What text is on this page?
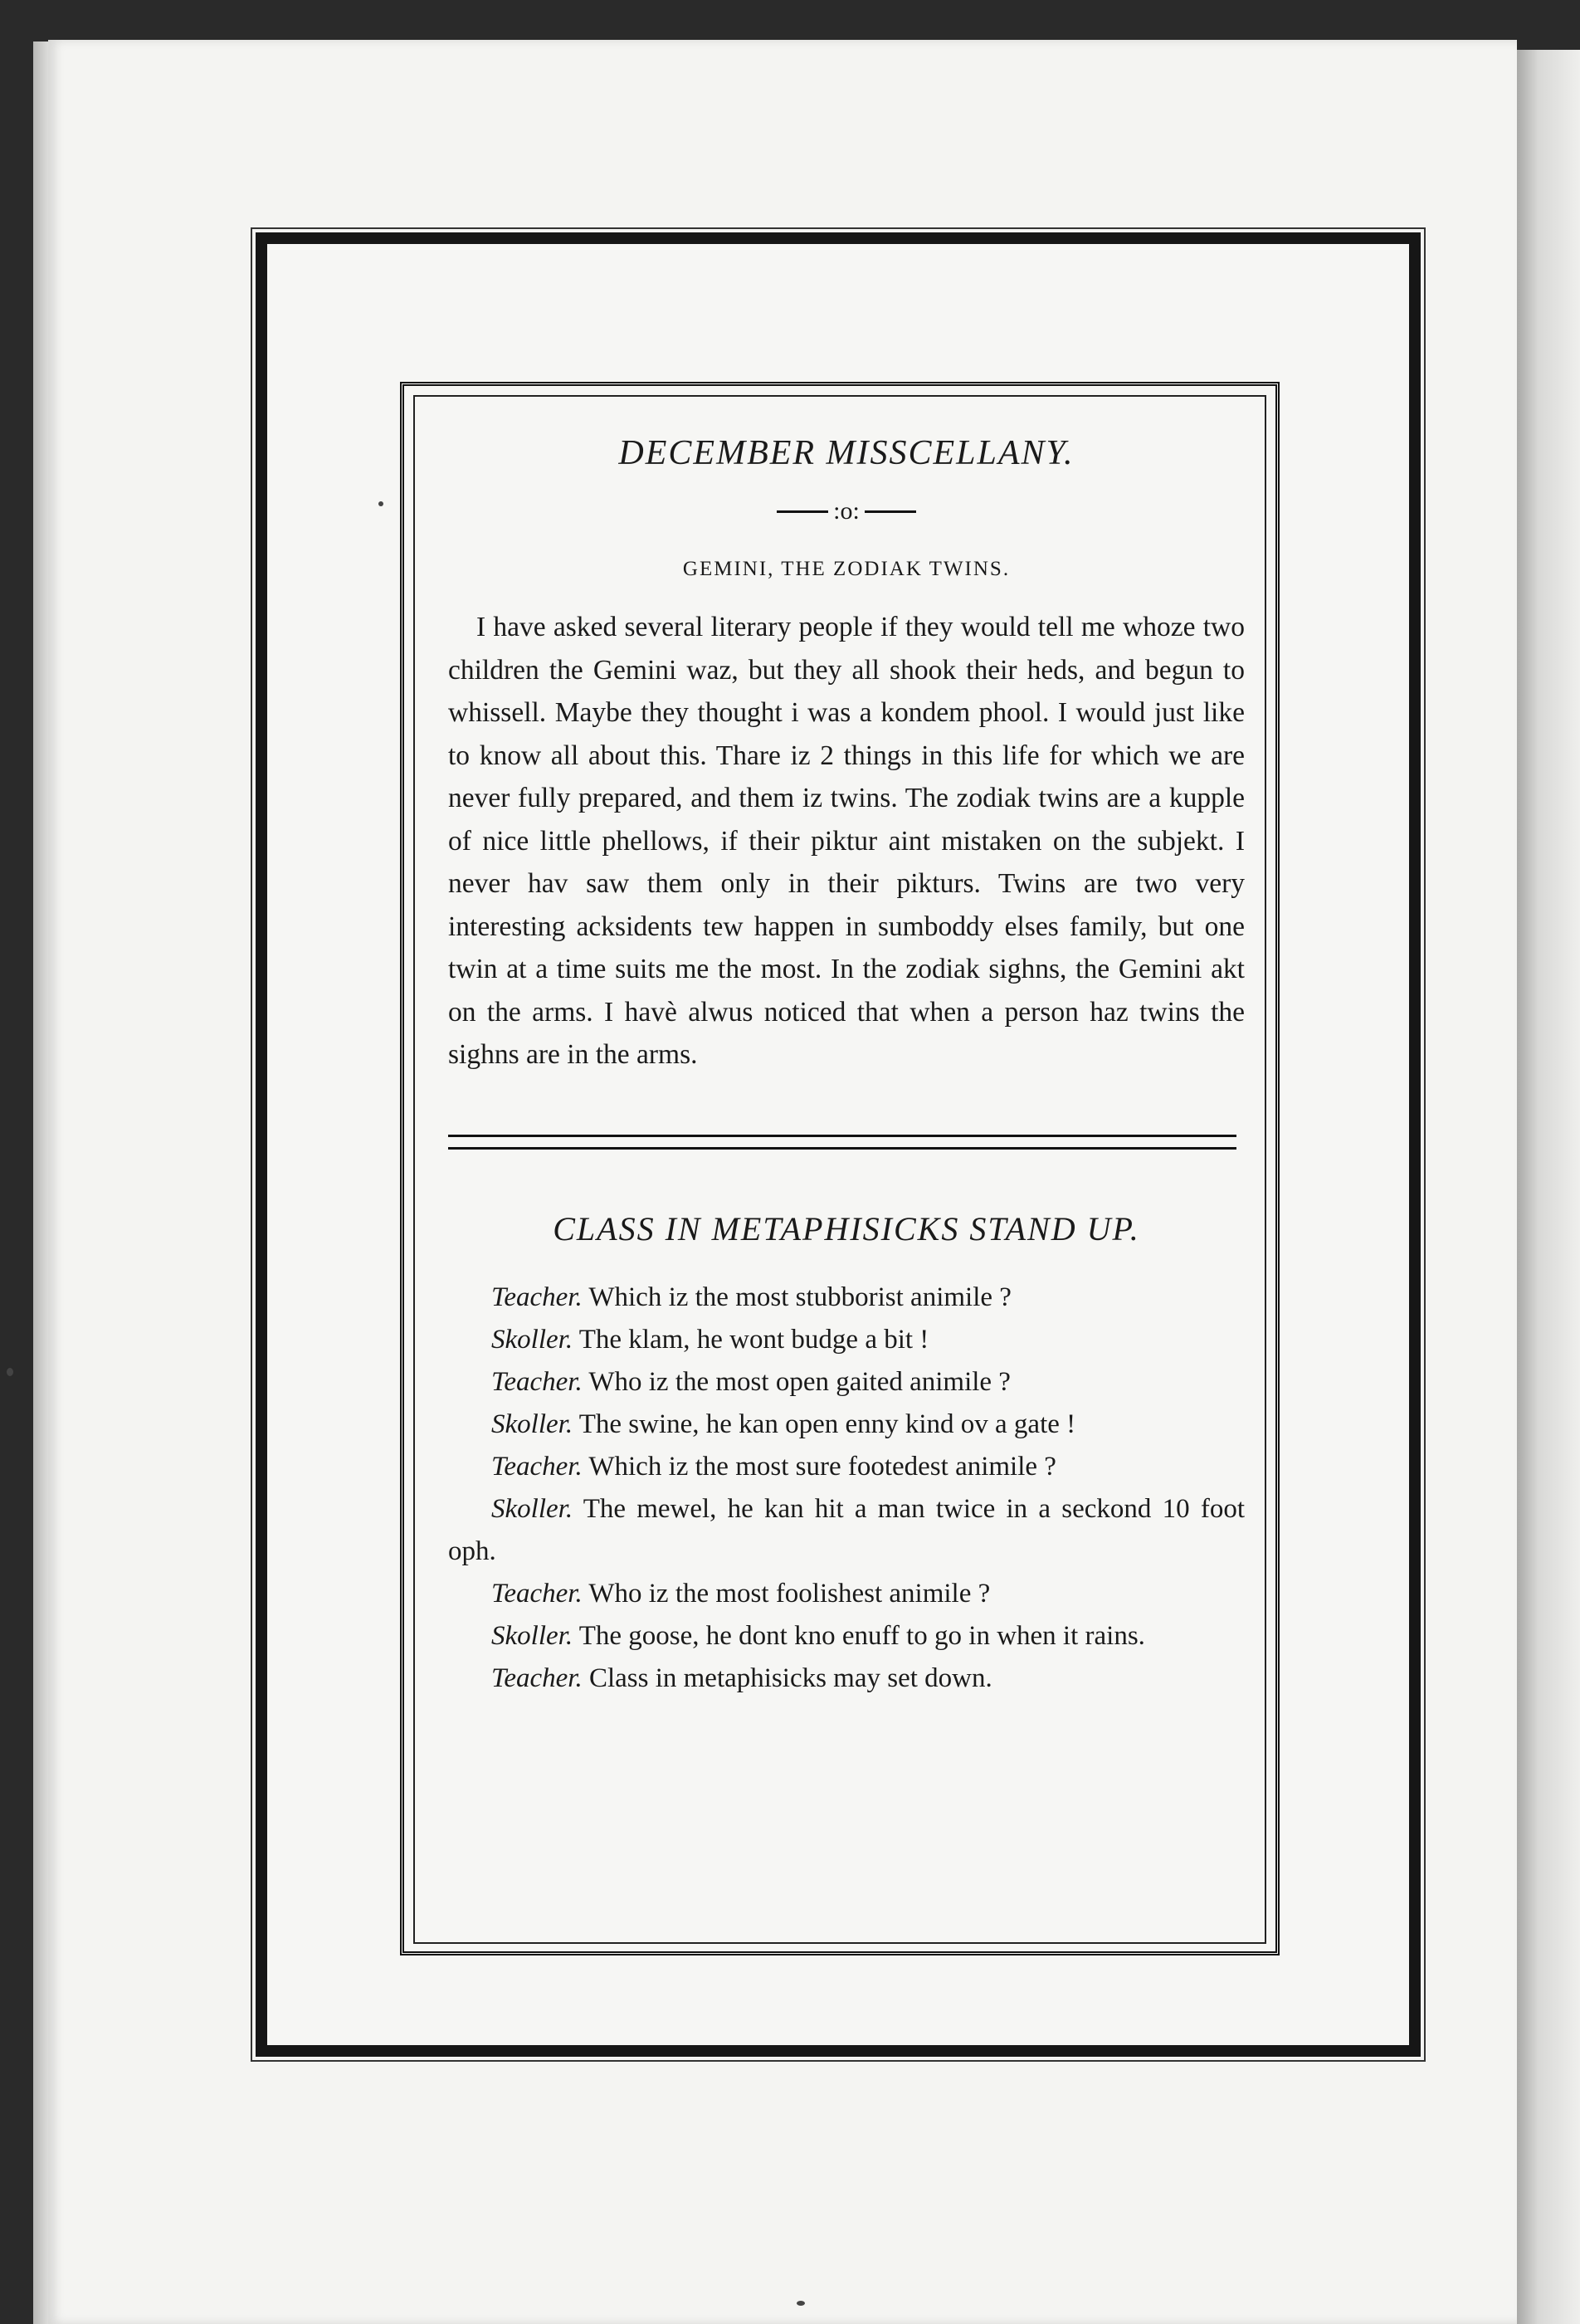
DECEMBER MISSCELLANY.
:o:
GEMINI, THE ZODIAK TWINS.

I have asked several literary people if they would tell me whoze two children the Gemini waz, but they all shook their heds, and begun to whissell. Maybe they thought i was a kondem phool. I would just like to know all about this. Thare iz 2 things in this life for which we are never fully prepared, and them iz twins. The zodiak twins are a kupple of nice little phellows, if their piktur aint mistaken on the subjekt. I never hav saw them only in their pikturs. Twins are two very interesting acksidents tew happen in sumboddy elses family, but one twin at a time suits me the most. In the zodiak sighns, the Gemini akt on the arms. I havè alwus noticed that when a person haz twins the sighns are in the arms.

CLASS IN METAPHISICKS STAND UP.
Teacher. Which iz the most stubborist animile ?
Skoller. The klam, he wont budge a bit !
Teacher. Who iz the most open gaited animile ?
Skoller. The swine, he kan open enny kind ov a gate !
Teacher. Which iz the most sure footedest animile ?
Skoller. The mewel, he kan hit a man twice in a seckond 10 foot oph.
Teacher. Who iz the most foolishest animile ?
Skoller. The goose, he dont kno enuff to go in when it rains.
Teacher. Class in metaphisicks may set down.
